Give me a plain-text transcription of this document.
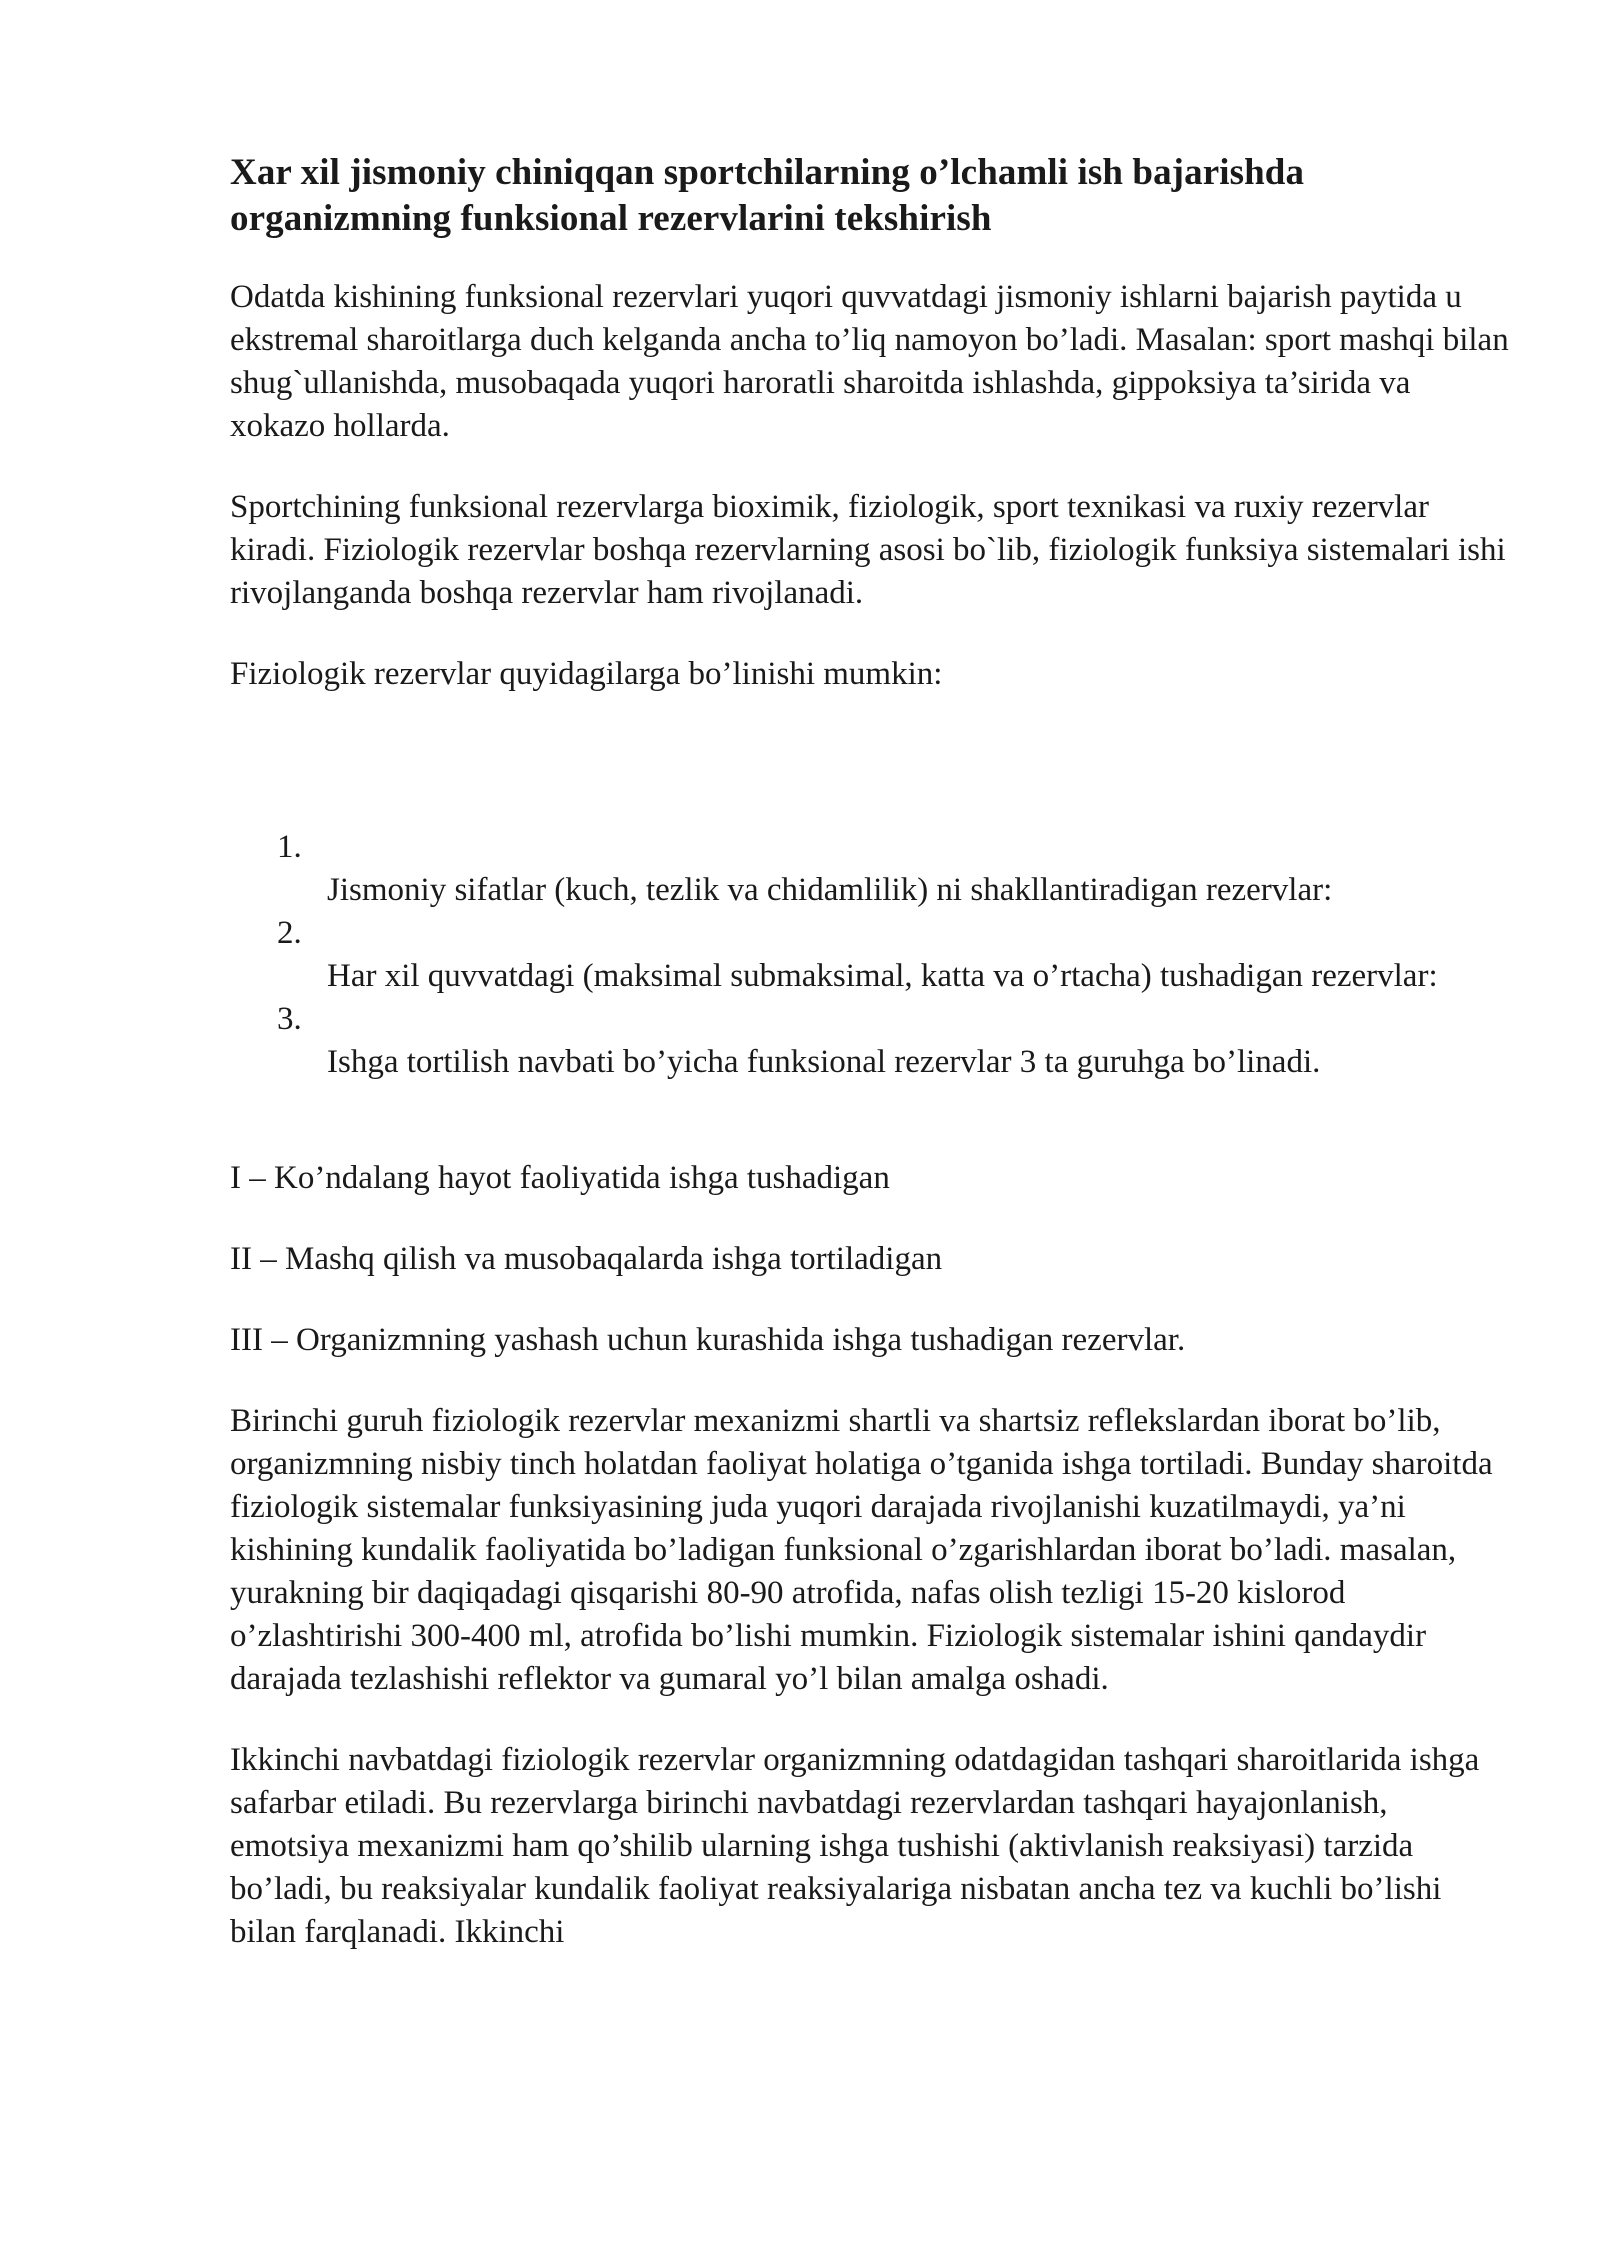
Xar xil jismoniy chiniqqan sportchilarning o’lchamli ish bajarishda organizmning funksional rezervlarini tekshirish

Odatda kishining funksional rezervlari yuqori quvvatdagi jismoniy ishlarni bajarish paytida u ekstremal sharoitlarga duch kelganda ancha to’liq namoyon bo’ladi. Masalan: sport mashqi bilan shug`ullanishda, musobaqada yuqori haroratli sharoitda ishlashda, gippoksiya ta’sirida va xokazo hollarda.

Sportchining funksional rezervlarga bioximik, fiziologik, sport texnikasi va ruxiy rezervlar kiradi. Fiziologik rezervlar boshqa rezervlarning asosi bo`lib, fiziologik funksiya sistemalari ishi rivojlanganda boshqa rezervlar ham rivojlanadi.

Fiziologik rezervlar quyidagilarga bo’linishi mumkin:

1.
Jismoniy sifatlar (kuch, tezlik va chidamlilik) ni shakllantiradigan rezervlar:
2.
Har xil quvvatdagi (maksimal submaksimal, katta va o’rtacha) tushadigan rezervlar:
3.
Ishga tortilish navbati bo’yicha funksional rezervlar 3 ta guruhga bo’linadi.

I – Ko’ndalang hayot faoliyatida ishga tushadigan

II – Mashq qilish va musobaqalarda ishga tortiladigan

III – Organizmning yashash uchun kurashida ishga tushadigan rezervlar.

Birinchi guruh fiziologik rezervlar mexanizmi shartli va shartsiz reflekslardan iborat bo’lib, organizmning nisbiy tinch holatdan faoliyat holatiga o’tganida ishga tortiladi. Bunday sharoitda fiziologik sistemalar funksiyasining juda yuqori darajada rivojlanishi kuzatilmaydi, ya’ni kishining kundalik faoliyatida bo’ladigan funksional o’zgarishlardan iborat bo’ladi. masalan, yurakning bir daqiqadagi qisqarishi 80-90 atrofida, nafas olish tezligi 15-20 kislorod o’zlashtirishi 300-400 ml, atrofida bo’lishi mumkin. Fiziologik sistemalar ishini qandaydir darajada tezlashishi reflektor va gumaral yo’l bilan amalga oshadi.

Ikkinchi navbatdagi fiziologik rezervlar organizmning odatdagidan tashqari sharoitlarida ishga safarbar etiladi. Bu rezervlarga birinchi navbatdagi rezervlardan tashqari hayajonlanish, emotsiya mexanizmi ham qo’shilib ularning ishga tushishi (aktivlanish reaksiyasi) tarzida bo’ladi, bu reaksiyalar kundalik faoliyat reaksiyalariga nisbatan ancha tez va kuchli bo’lishi bilan farqlanadi. Ikkinchi
